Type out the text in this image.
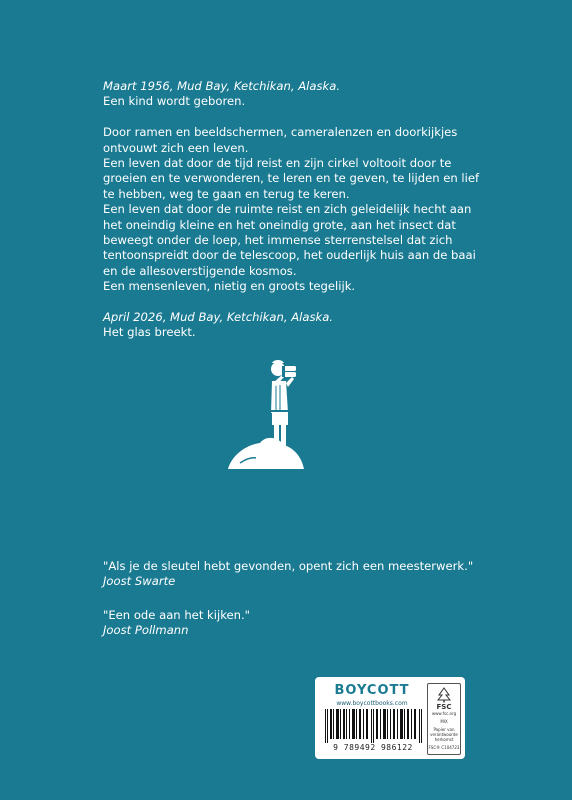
Maart 1956, Mud Bay, Ketchikan, Alaska.

Een kind wordt geboren.

Door ramen en beeldschermen, cameralenzen en doorkijkjes ontvouwt zich een leven.

Een leven dat door de tijd reist en zijn cirkel voltooit door te groeien en te verwonderen, te leren en te geven, te lijden en lief te hebben, weg te gaan en terug te keren.

Een leven dat door de ruimte reist en zich geleidelijk hecht aan het oneindig kleine en het oneindig grote, aan het insect dat beweegt onder de loep, het immense sterrenstelsel dat zich tentoonspreidt door de telescoop, het ouderlijk huis aan de baai en de allesoverstijgende kosmos.

Een mensenleven, nietig en groots tegelijk.

April 2026, Mud Bay, Ketchikan, Alaska.

Het glas breekt.

"Als je de sleutel hebt gevonden, opent zich een meesterwerk."

Joost Swarte

"Een ode aan het kijken."

Joost Pollmann

BOYCOTT
www.boycottbooks.com
9 789492 986122
FSC
www.fsc.org
MIX
Papier van verantwoorde herkomst
FSC® C104723
